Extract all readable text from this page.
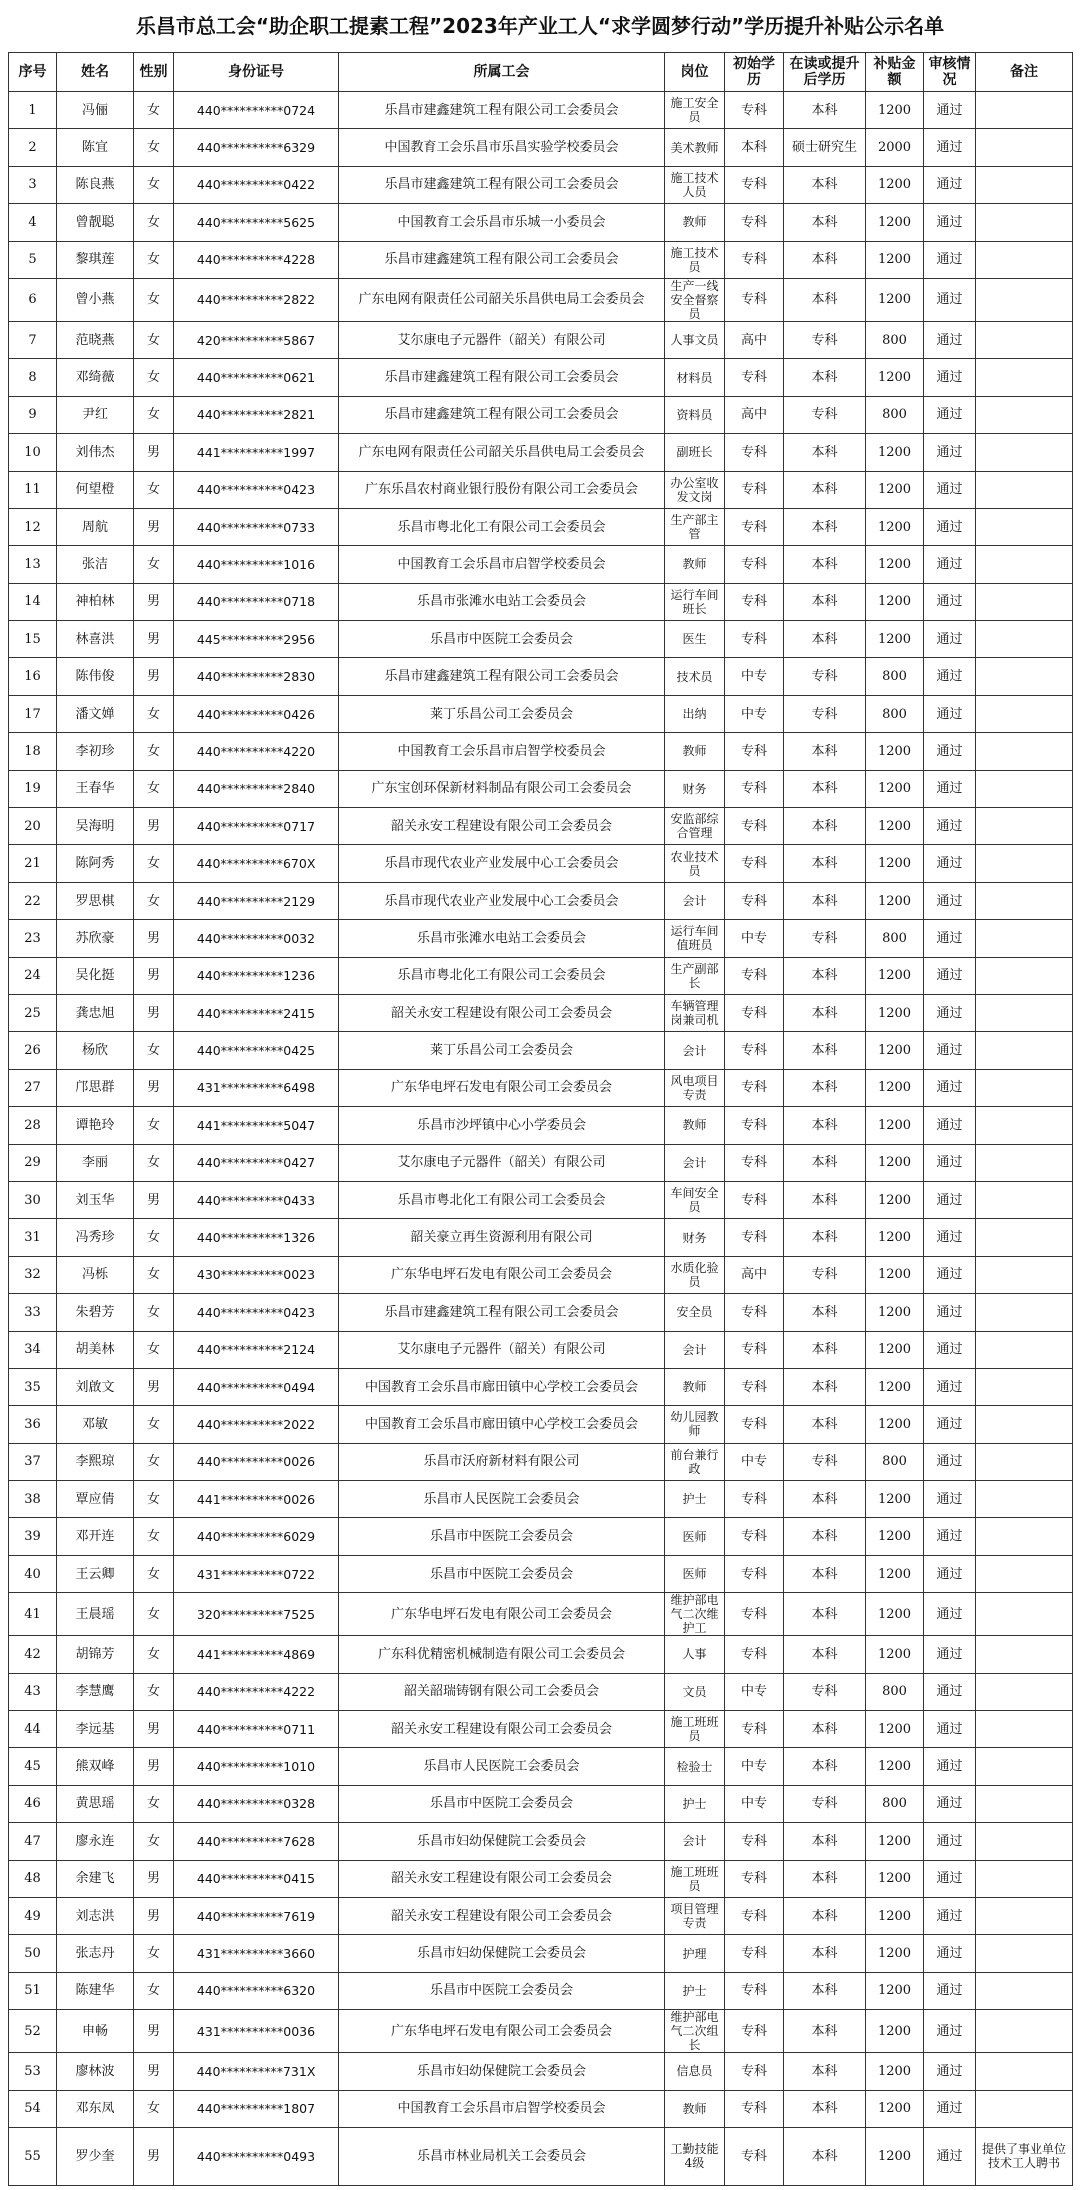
乐昌市总工会“助企职工提素工程”2023年产业工人“求学圆梦行动”学历提升补贴公示名单
序号	姓名	性别	身份证号	所属工会	岗位	初始学历	在读或提升后学历	补贴金额	审核情况	备注
1	冯俪	女	440**********0724	乐昌市建鑫建筑工程有限公司工会委员会	施工安全员	专科	本科	1200	通过	
2	陈宜	女	440**********6329	中国教育工会乐昌市乐昌实验学校委员会	美术教师	本科	硕士研究生	2000	通过	
3	陈良燕	女	440**********0422	乐昌市建鑫建筑工程有限公司工会委员会	施工技术人员	专科	本科	1200	通过	
4	曾靓聪	女	440**********5625	中国教育工会乐昌市乐城一小委员会	教师	专科	本科	1200	通过	
5	黎琪莲	女	440**********4228	乐昌市建鑫建筑工程有限公司工会委员会	施工技术员	专科	本科	1200	通过	
6	曾小燕	女	440**********2822	广东电网有限责任公司韶关乐昌供电局工会委员会	生产一线安全督察员	专科	本科	1200	通过	
7	范晓燕	女	420**********5867	艾尔康电子元器件（韶关）有限公司	人事文员	高中	专科	800	通过	
8	邓绮薇	女	440**********0621	乐昌市建鑫建筑工程有限公司工会委员会	材料员	专科	本科	1200	通过	
9	尹红	女	440**********2821	乐昌市建鑫建筑工程有限公司工会委员会	资料员	高中	专科	800	通过	
10	刘伟杰	男	441**********1997	广东电网有限责任公司韶关乐昌供电局工会委员会	副班长	专科	本科	1200	通过	
11	何望橙	女	440**********0423	广东乐昌农村商业银行股份有限公司工会委员会	办公室收发文岗	专科	本科	1200	通过	
12	周航	男	440**********0733	乐昌市粤北化工有限公司工会委员会	生产部主管	专科	本科	1200	通过	
13	张洁	女	440**********1016	中国教育工会乐昌市启智学校委员会	教师	专科	本科	1200	通过	
14	神柏林	男	440**********0718	乐昌市张滩水电站工会委员会	运行车间班长	专科	本科	1200	通过	
15	林喜洪	男	445**********2956	乐昌市中医院工会委员会	医生	专科	本科	1200	通过	
16	陈伟俊	男	440**********2830	乐昌市建鑫建筑工程有限公司工会委员会	技术员	中专	专科	800	通过	
17	潘文婵	女	440**********0426	莱丁乐昌公司工会委员会	出纳	中专	专科	800	通过	
18	李初珍	女	440**********4220	中国教育工会乐昌市启智学校委员会	教师	专科	本科	1200	通过	
19	王春华	女	440**********2840	广东宝创环保新材料制品有限公司工会委员会	财务	专科	本科	1200	通过	
20	吴海明	男	440**********0717	韶关永安工程建设有限公司工会委员会	安监部综合管理	专科	本科	1200	通过	
21	陈阿秀	女	440**********670X	乐昌市现代农业产业发展中心工会委员会	农业技术员	专科	本科	1200	通过	
22	罗思棋	女	440**********2129	乐昌市现代农业产业发展中心工会委员会	会计	专科	本科	1200	通过	
23	苏欣豪	男	440**********0032	乐昌市张滩水电站工会委员会	运行车间值班员	中专	专科	800	通过	
24	吴化挺	男	440**********1236	乐昌市粤北化工有限公司工会委员会	生产副部长	专科	本科	1200	通过	
25	龚忠旭	男	440**********2415	韶关永安工程建设有限公司工会委员会	车辆管理岗兼司机	专科	本科	1200	通过	
26	杨欣	女	440**********0425	莱丁乐昌公司工会委员会	会计	专科	本科	1200	通过	
27	邝思群	男	431**********6498	广东华电坪石发电有限公司工会委员会	风电项目专责	专科	本科	1200	通过	
28	谭艳玲	女	441**********5047	乐昌市沙坪镇中心小学委员会	教师	专科	本科	1200	通过	
29	李丽	女	440**********0427	艾尔康电子元器件（韶关）有限公司	会计	专科	本科	1200	通过	
30	刘玉华	男	440**********0433	乐昌市粤北化工有限公司工会委员会	车间安全员	专科	本科	1200	通过	
31	冯秀珍	女	440**********1326	韶关豪立再生资源利用有限公司	财务	专科	本科	1200	通过	
32	冯栎	女	430**********0023	广东华电坪石发电有限公司工会委员会	水质化验员	高中	专科	1200	通过	
33	朱碧芳	女	440**********0423	乐昌市建鑫建筑工程有限公司工会委员会	安全员	专科	本科	1200	通过	
34	胡美林	女	440**********2124	艾尔康电子元器件（韶关）有限公司	会计	专科	本科	1200	通过	
35	刘啟文	男	440**********0494	中国教育工会乐昌市廊田镇中心学校工会委员会	教师	专科	本科	1200	通过	
36	邓敏	女	440**********2022	中国教育工会乐昌市廊田镇中心学校工会委员会	幼儿园教师	专科	本科	1200	通过	
37	李熙琼	女	440**********0026	乐昌市沃府新材料有限公司	前台兼行政	中专	专科	800	通过	
38	覃应倩	女	441**********0026	乐昌市人民医院工会委员会	护士	专科	本科	1200	通过	
39	邓开连	女	440**********6029	乐昌市中医院工会委员会	医师	专科	本科	1200	通过	
40	王云卿	女	431**********0722	乐昌市中医院工会委员会	医师	专科	本科	1200	通过	
41	王晨瑶	女	320**********7525	广东华电坪石发电有限公司工会委员会	维护部电气二次维护工	专科	本科	1200	通过	
42	胡锦芳	女	441**********4869	广东科优精密机械制造有限公司工会委员会	人事	专科	本科	1200	通过	
43	李慧鹰	女	440**********4222	韶关韶瑞铸钢有限公司工会委员会	文员	中专	专科	800	通过	
44	李远基	男	440**********0711	韶关永安工程建设有限公司工会委员会	施工班班员	专科	本科	1200	通过	
45	熊双峰	男	440**********1010	乐昌市人民医院工会委员会	检验士	中专	本科	1200	通过	
46	黄思瑶	女	440**********0328	乐昌市中医院工会委员会	护士	中专	专科	800	通过	
47	廖永连	女	440**********7628	乐昌市妇幼保健院工会委员会	会计	专科	本科	1200	通过	
48	余建飞	男	440**********0415	韶关永安工程建设有限公司工会委员会	施工班班员	专科	本科	1200	通过	
49	刘志洪	男	440**********7619	韶关永安工程建设有限公司工会委员会	项目管理专责	专科	本科	1200	通过	
50	张志丹	女	431**********3660	乐昌市妇幼保健院工会委员会	护理	专科	本科	1200	通过	
51	陈建华	女	440**********6320	乐昌市中医院工会委员会	护士	专科	本科	1200	通过	
52	申畅	男	431**********0036	广东华电坪石发电有限公司工会委员会	维护部电气二次组长	专科	本科	1200	通过	
53	廖林波	男	440**********731X	乐昌市妇幼保健院工会委员会	信息员	专科	本科	1200	通过	
54	邓东凤	女	440**********1807	中国教育工会乐昌市启智学校委员会	教师	专科	本科	1200	通过	
55	罗少奎	男	440**********0493	乐昌市林业局机关工会委员会	工勤技能4级	专科	本科	1200	通过	提供了事业单位技术工人聘书
